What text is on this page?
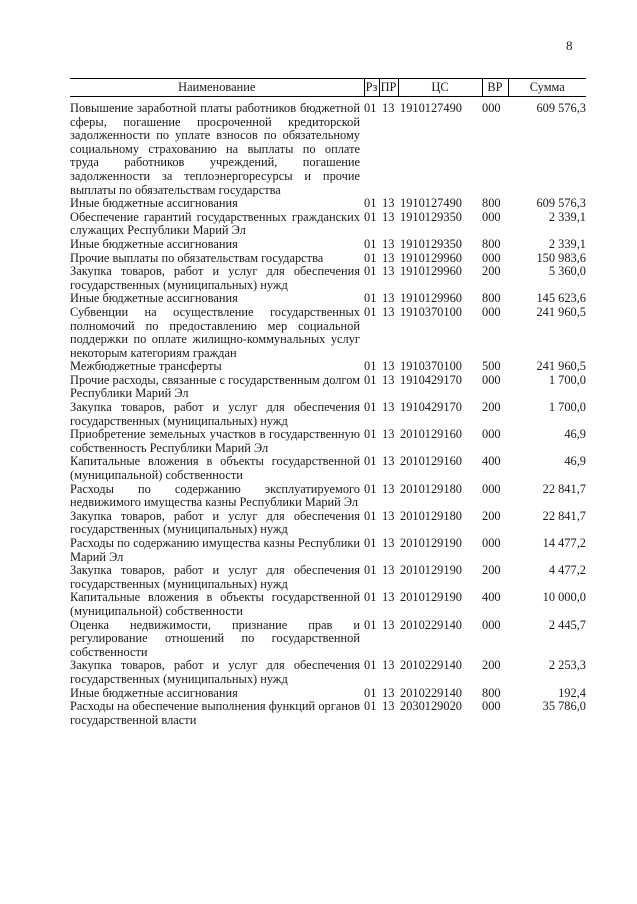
8
Наименование	Рз	ПР	ЦС	ВР	Сумма
Повышение заработной платы работников бюджетной сферы, погашение просроченной кредиторской задолженности по уплате взносов по обязательному социальному страхованию на выплаты по оплате труда работников учреждений, погашение задолженности за теплоэнергоресурсы и прочие выплаты по обязательствам государства	01	13	1910127490	000	609 576,3
Иные бюджетные ассигнования	01	13	1910127490	800	609 576,3
Обеспечение гарантий государственных гражданских служащих Республики Марий Эл	01	13	1910129350	000	2 339,1
Иные бюджетные ассигнования	01	13	1910129350	800	2 339,1
Прочие выплаты по обязательствам государства	01	13	1910129960	000	150 983,6
Закупка товаров, работ и услуг для обеспечения государственных (муниципальных) нужд	01	13	1910129960	200	5 360,0
Иные бюджетные ассигнования	01	13	1910129960	800	145 623,6
Субвенции на осуществление государственных полномочий по предоставлению мер социальной поддержки по оплате жилищно-коммунальных услуг некоторым категориям граждан	01	13	1910370100	000	241 960,5
Межбюджетные трансферты	01	13	1910370100	500	241 960,5
Прочие расходы, связанные с государственным долгом Республики Марий Эл	01	13	1910429170	000	1 700,0
Закупка товаров, работ и услуг для обеспечения государственных (муниципальных) нужд	01	13	1910429170	200	1 700,0
Приобретение земельных участков в государственную собственность Республики Марий Эл	01	13	2010129160	000	46,9
Капитальные вложения в объекты государственной (муниципальной) собственности	01	13	2010129160	400	46,9
Расходы по содержанию эксплуатируемого недвижимого имущества казны Республики Марий Эл	01	13	2010129180	000	22 841,7
Закупка товаров, работ и услуг для обеспечения государственных (муниципальных) нужд	01	13	2010129180	200	22 841,7
Расходы по содержанию имущества казны Республики Марий Эл	01	13	2010129190	000	14 477,2
Закупка товаров, работ и услуг для обеспечения государственных (муниципальных) нужд	01	13	2010129190	200	4 477,2
Капитальные вложения в объекты государственной (муниципальной) собственности	01	13	2010129190	400	10 000,0
Оценка недвижимости, признание прав и регулирование отношений по государственной собственности	01	13	2010229140	000	2 445,7
Закупка товаров, работ и услуг для обеспечения государственных (муниципальных) нужд	01	13	2010229140	200	2 253,3
Иные бюджетные ассигнования	01	13	2010229140	800	192,4
Расходы на обеспечение выполнения функций органов государственной власти	01	13	2030129020	000	35 786,0
